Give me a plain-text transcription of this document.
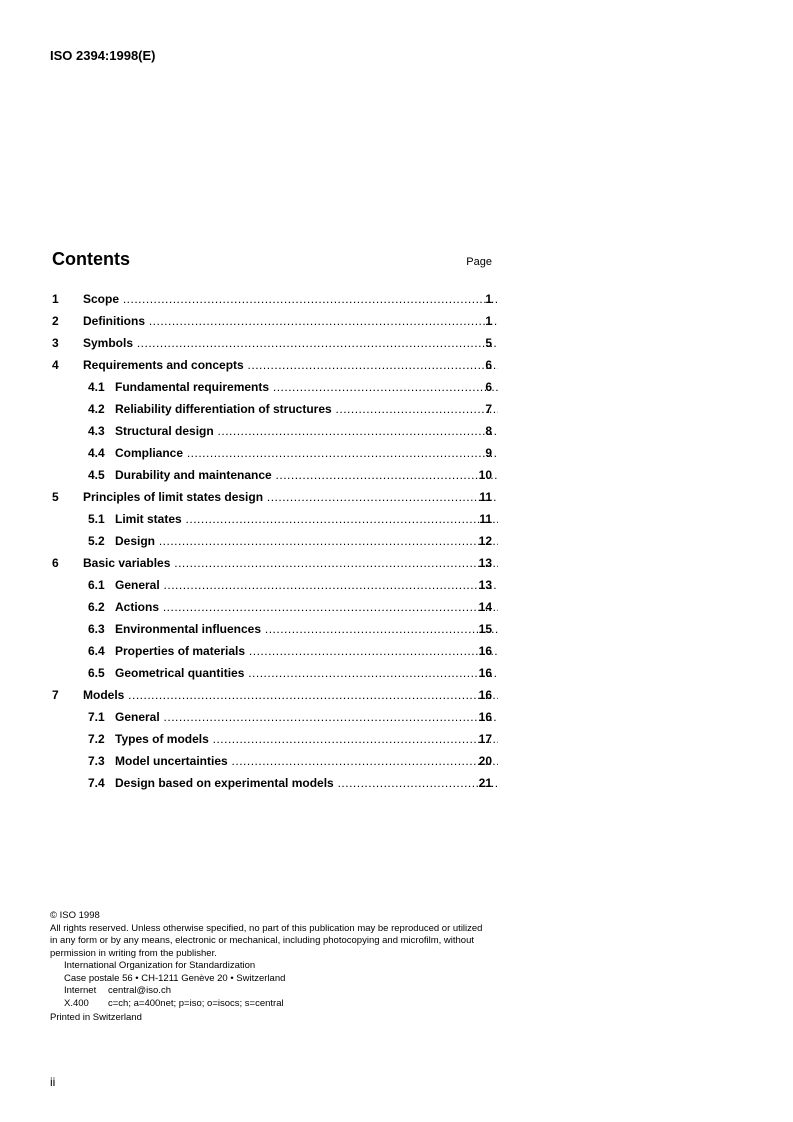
ISO 2394:1998(E)
Contents	Page
1 Scope .....	1
2 Definitions .....	1
3 Symbols .....	5
4 Requirements and concepts .....	6
4.1 Fundamental requirements .....	6
4.2 Reliability differentiation of structures .....	7
4.3 Structural design .....	8
4.4 Compliance .....	9
4.5 Durability and maintenance .....	10
5 Principles of limit states design .....	11
5.1 Limit states .....	11
5.2 Design .....	12
6 Basic variables .....	13
6.1 General .....	13
6.2 Actions .....	14
6.3 Environmental influences .....	15
6.4 Properties of materials .....	16
6.5 Geometrical quantities .....	16
7 Models .....	16
7.1 General .....	16
7.2 Types of models .....	17
7.3 Model uncertainties .....	20
7.4 Design based on experimental models .....	21
© ISO 1998
All rights reserved. Unless otherwise specified, no part of this publication may be reproduced or utilized in any form or by any means, electronic or mechanical, including photocopying and microfilm, without permission in writing from the publisher.
International Organization for Standardization
Case postale 56 • CH-1211 Genève 20 • Switzerland
Internet central@iso.ch
X.400 c=ch; a=400net; p=iso; o=isocs; s=central
Printed in Switzerland
ii
